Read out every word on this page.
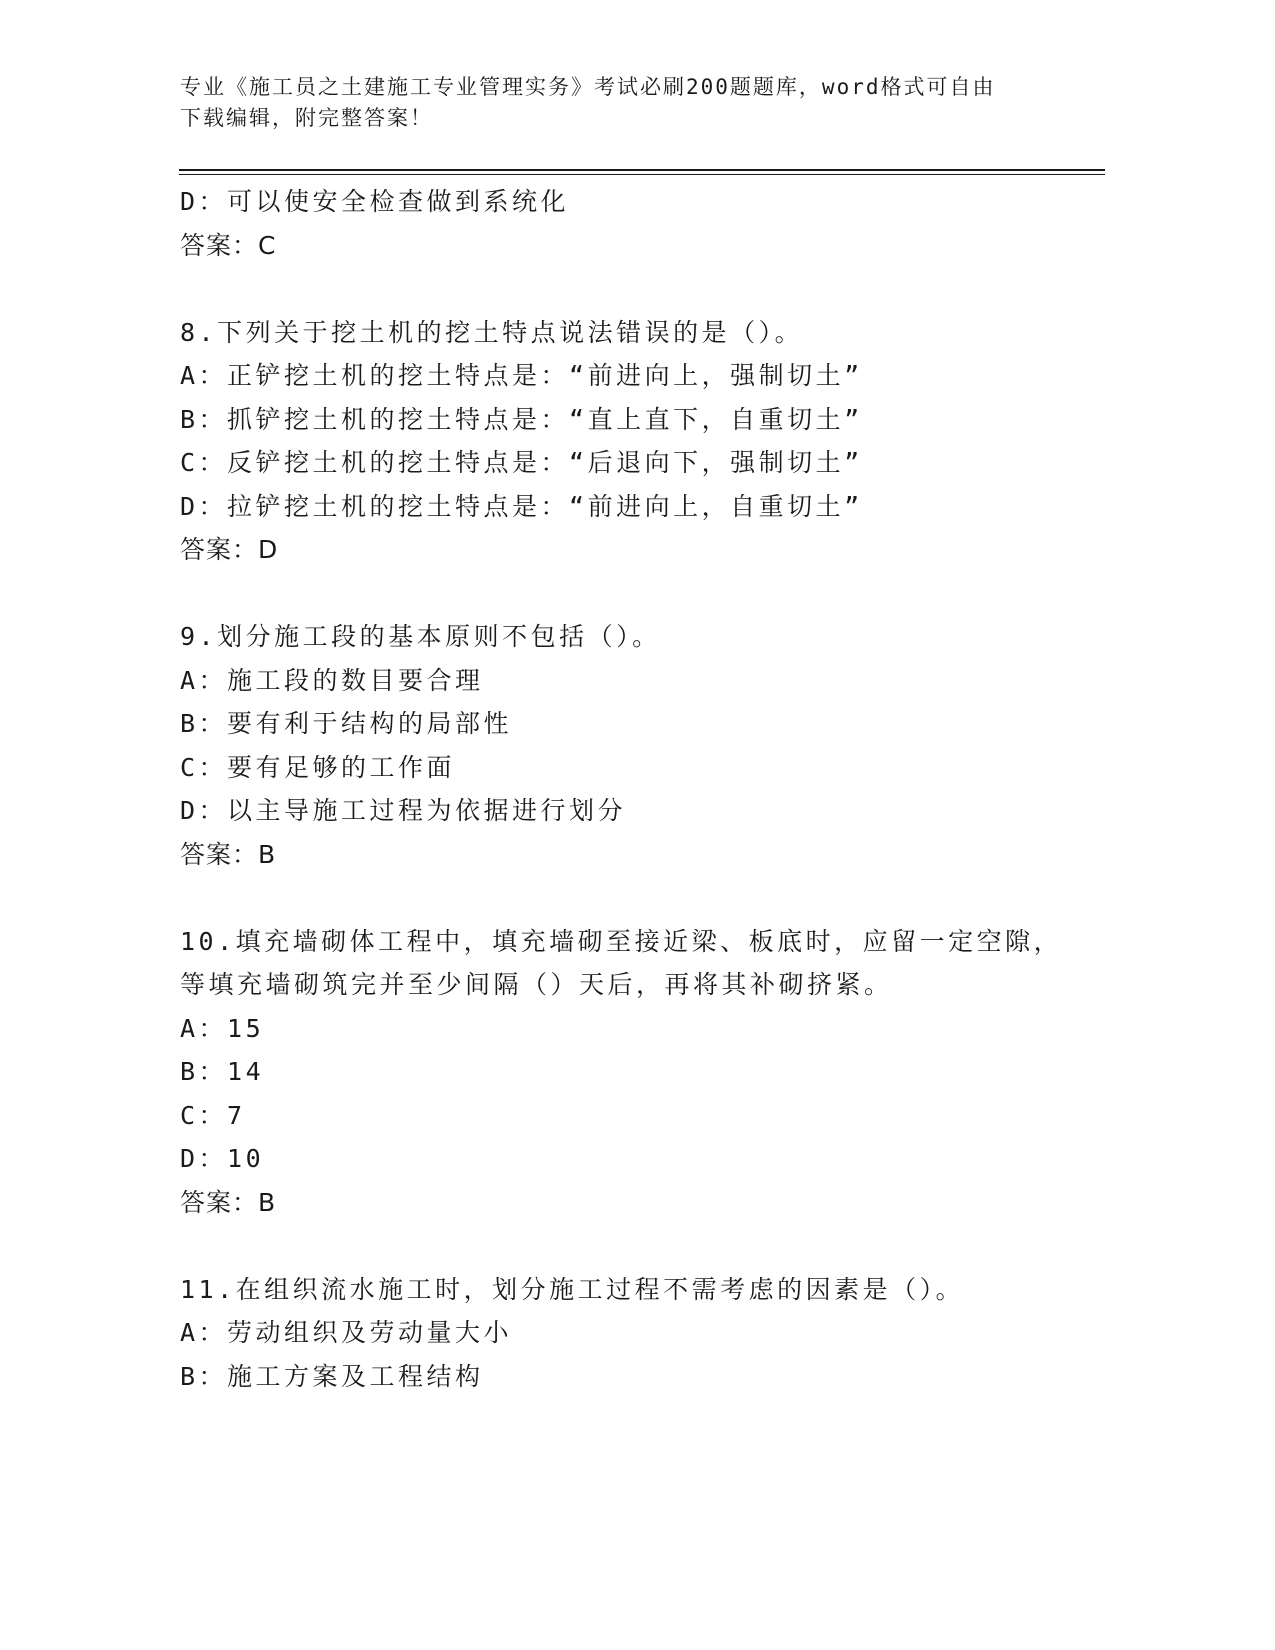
专业《施工员之土建施工专业管理实务》考试必刷200题题库，word格式可自由
下载编辑，附完整答案！
D：可以使安全检查做到系统化
答案：C
8.下列关于挖土机的挖土特点说法错误的是（）。
A：正铲挖土机的挖土特点是：“前进向上，强制切土”
B：抓铲挖土机的挖土特点是：“直上直下，自重切土”
C：反铲挖土机的挖土特点是：“后退向下，强制切土”
D：拉铲挖土机的挖土特点是：“前进向上，自重切土”
答案：D
9.划分施工段的基本原则不包括（）。
A：施工段的数目要合理
B：要有利于结构的局部性
C：要有足够的工作面
D：以主导施工过程为依据进行划分
答案：B
10.填充墙砌体工程中，填充墙砌至接近梁、板底时，应留一定空隙，
等填充墙砌筑完并至少间隔（）天后，再将其补砌挤紧。
A：15
B：14
C：7
D：10
答案：B
11.在组织流水施工时，划分施工过程不需考虑的因素是（）。
A：劳动组织及劳动量大小
B：施工方案及工程结构
